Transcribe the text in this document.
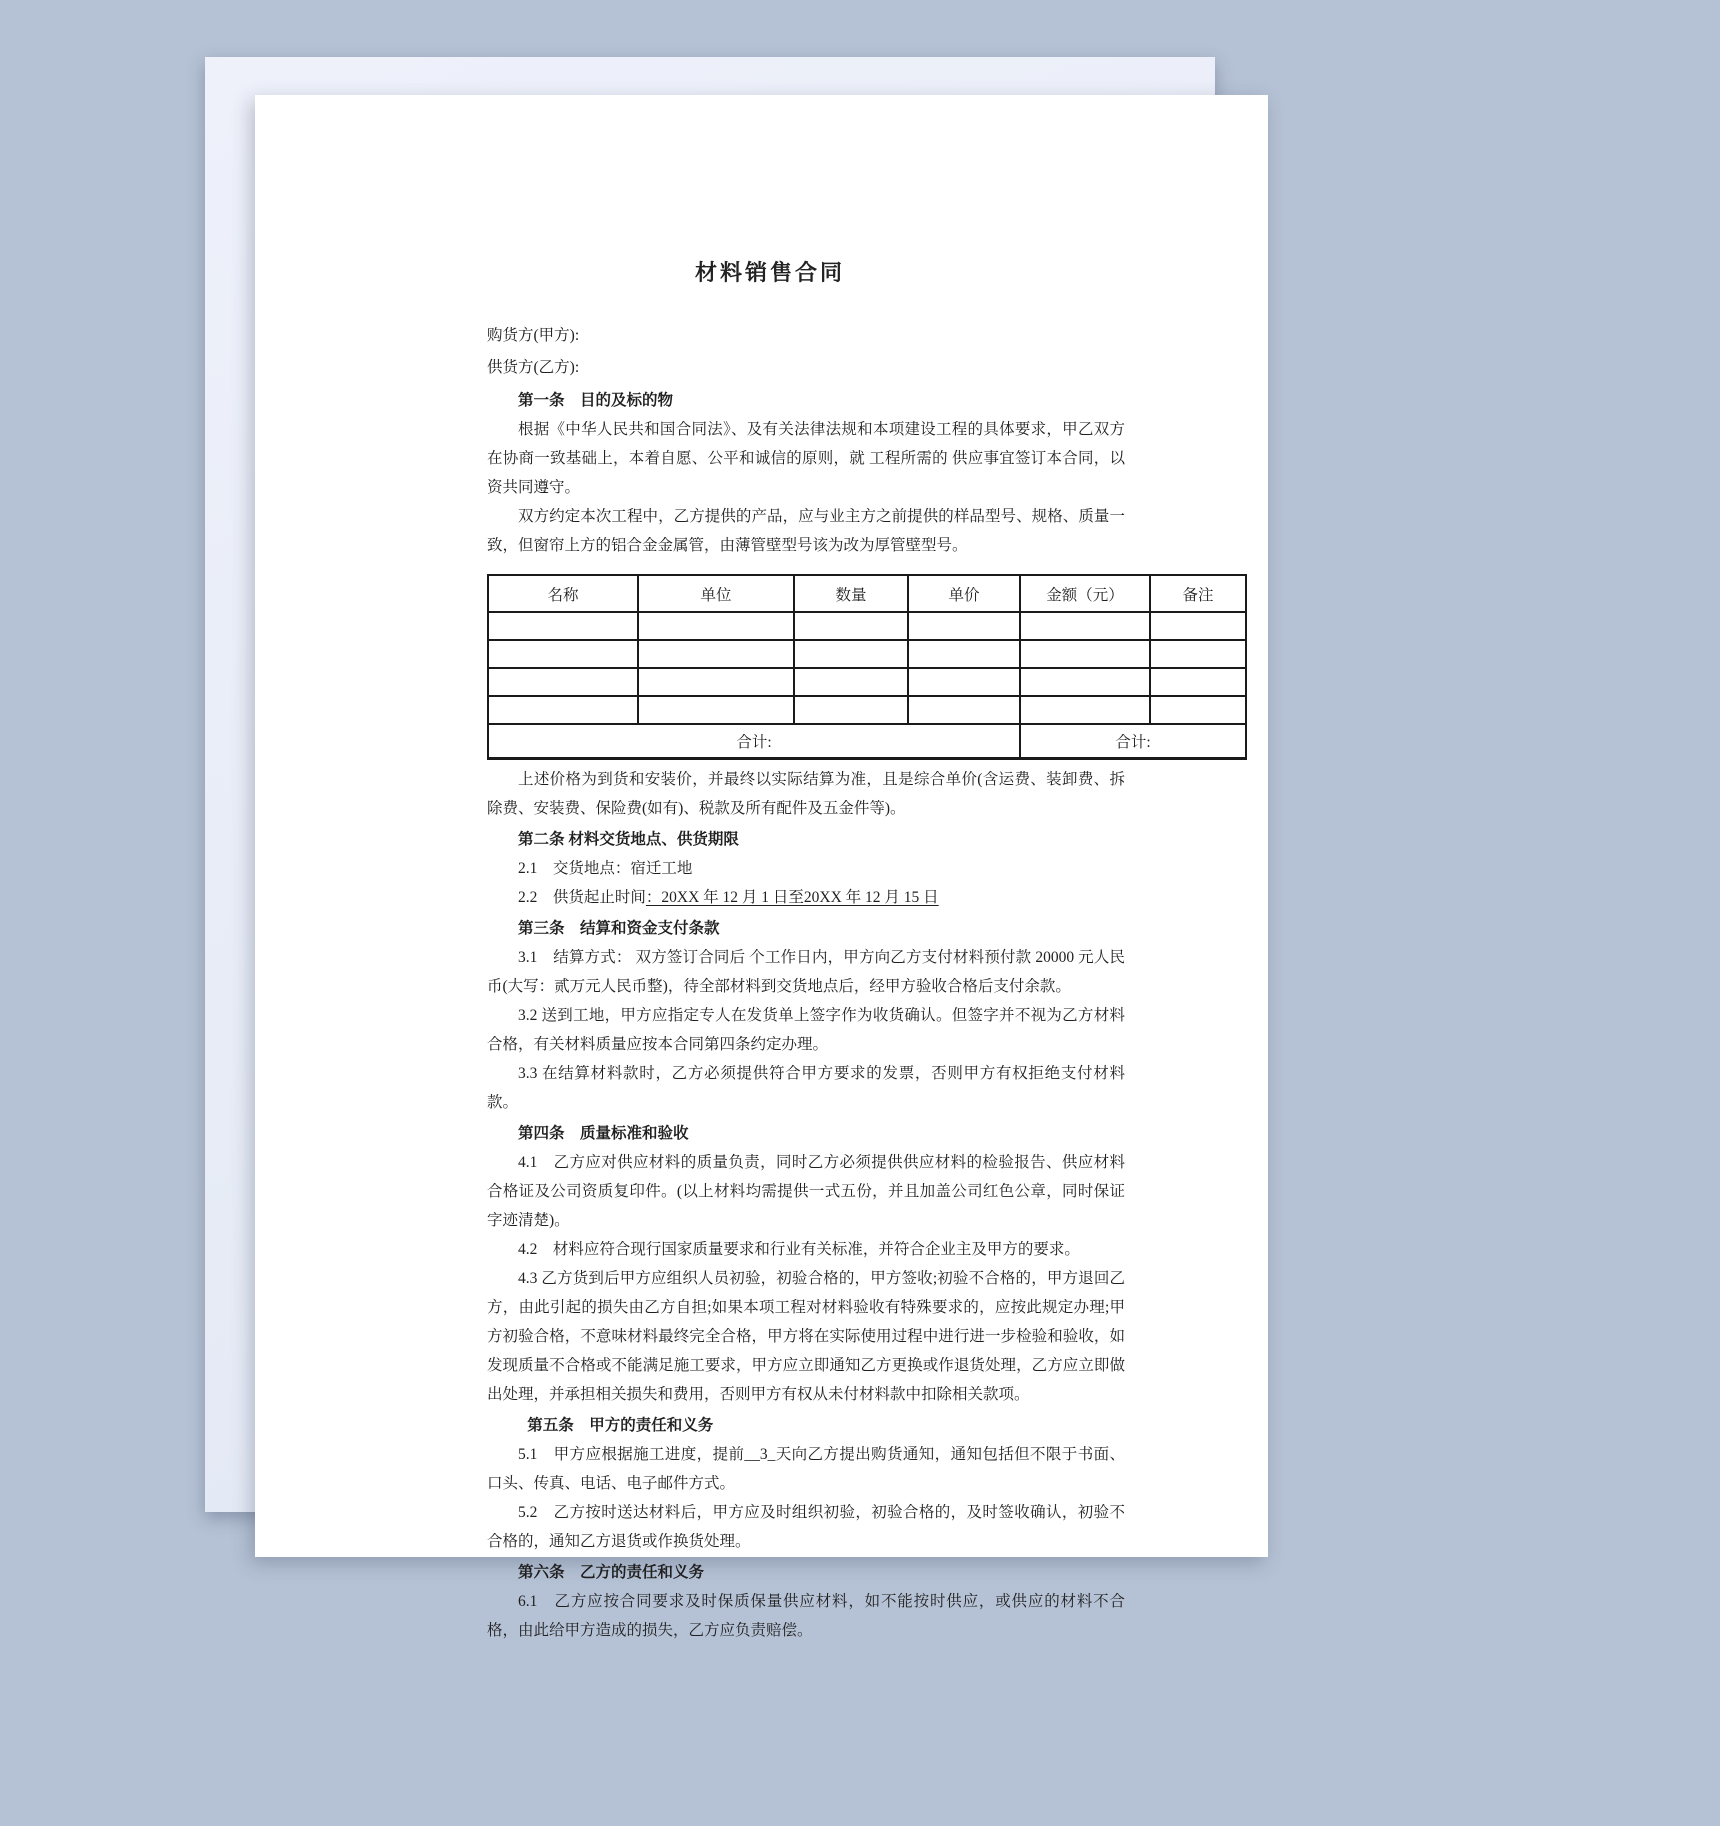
材料销售合同
购货方(甲方):
供货方(乙方):
第一条　目的及标的物

根据《中华人民共和国合同法》、及有关法律法规和本项建设工程的具体要求，甲乙双方在协商一致基础上，本着自愿、公平和诚信的原则，就 工程所需的 供应事宜签订本合同，以资共同遵守。

双方约定本次工程中，乙方提供的产品，应与业主方之前提供的样品型号、规格、质量一致，但窗帘上方的铝合金金属管，由薄管壁型号该为改为厚管壁型号。

名称	单位	数量	单价	金额（元）	备注

合计:				合计:	

上述价格为到货和安装价，并最终以实际结算为准，且是综合单价(含运费、装卸费、拆除费、安装费、保险费(如有)、税款及所有配件及五金件等)。

第二条 材料交货地点、供货期限

2.1　交货地点：宿迁工地

2.2　供货起止时间：20XX 年 12 月 1 日至20XX 年 12 月 15 日

第三条　结算和资金支付条款

3.1　结算方式： 双方签订合同后 个工作日内，甲方向乙方支付材料预付款 20000 元人民币(大写：贰万元人民币整)，待全部材料到交货地点后，经甲方验收合格后支付余款。

3.2 送到工地，甲方应指定专人在发货单上签字作为收货确认。但签字并不视为乙方材料合格，有关材料质量应按本合同第四条约定办理。

3.3 在结算材料款时，乙方必须提供符合甲方要求的发票，否则甲方有权拒绝支付材料款。

第四条　质量标准和验收

4.1　乙方应对供应材料的质量负责，同时乙方必须提供供应材料的检验报告、供应材料合格证及公司资质复印件。(以上材料均需提供一式五份，并且加盖公司红色公章，同时保证字迹清楚)。

4.2　材料应符合现行国家质量要求和行业有关标准，并符合企业主及甲方的要求。

4.3 乙方货到后甲方应组织人员初验，初验合格的，甲方签收;初验不合格的，甲方退回乙方，由此引起的损失由乙方自担;如果本项工程对材料验收有特殊要求的，应按此规定办理;甲方初验合格，不意味材料最终完全合格，甲方将在实际使用过程中进行进一步检验和验收，如发现质量不合格或不能满足施工要求，甲方应立即通知乙方更换或作退货处理，乙方应立即做出处理，并承担相关损失和费用，否则甲方有权从未付材料款中扣除相关款项。

第五条　甲方的责任和义务

5.1　甲方应根据施工进度，提前__3_天向乙方提出购货通知，通知包括但不限于书面、口头、传真、电话、电子邮件方式。

5.2　乙方按时送达材料后，甲方应及时组织初验，初验合格的，及时签收确认，初验不合格的，通知乙方退货或作换货处理。

第六条　乙方的责任和义务

6.1　乙方应按合同要求及时保质保量供应材料，如不能按时供应，或供应的材料不合格，由此给甲方造成的损失，乙方应负责赔偿。
